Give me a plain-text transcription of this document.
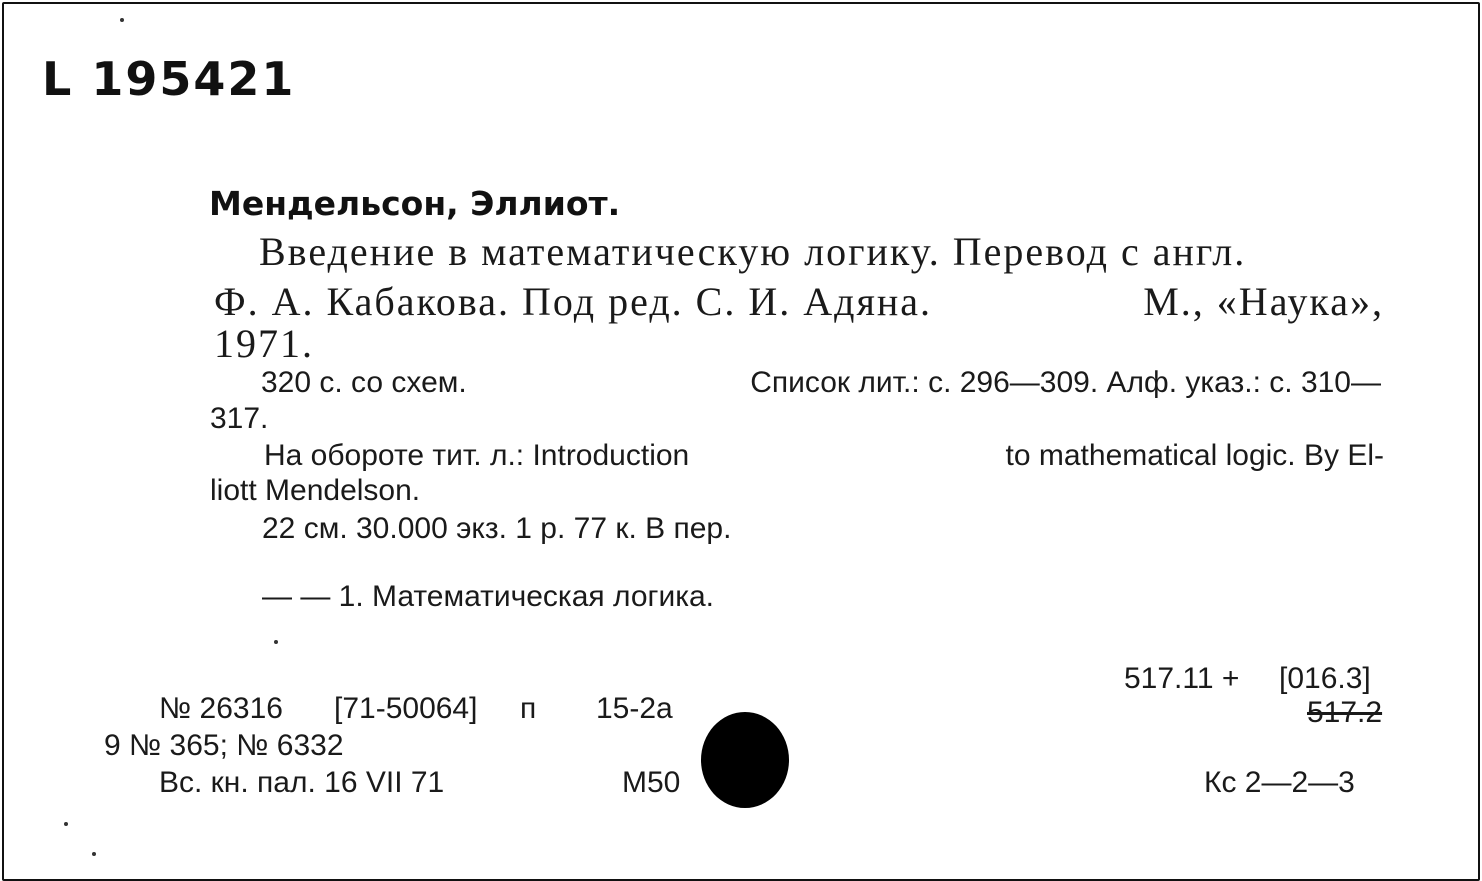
L 195421
Мендельсон, Эллиот.
Введение в математическую логику. Перевод с англ.
Ф. А. Кабакова. Под ред. С. И. Адяна.	М., «Наука»,
1971.
320 с. со схем.	Список лит.: с. 296—309. Алф. указ.: с. 310—
317.
На обороте тит. л.: Introduction	to mathematical logic. By El-
liott Mendelson.
22 см. 30.000 экз. 1 р. 77 к. В пер.
— — 1. Математическая логика.
№ 26316 [71-50064] п 15-2а
9 № 365; № 6332
Вс. кн. пал. 16 VII 71	М50
517.11 + [016.3]
517.2
Кс 2—2—3
